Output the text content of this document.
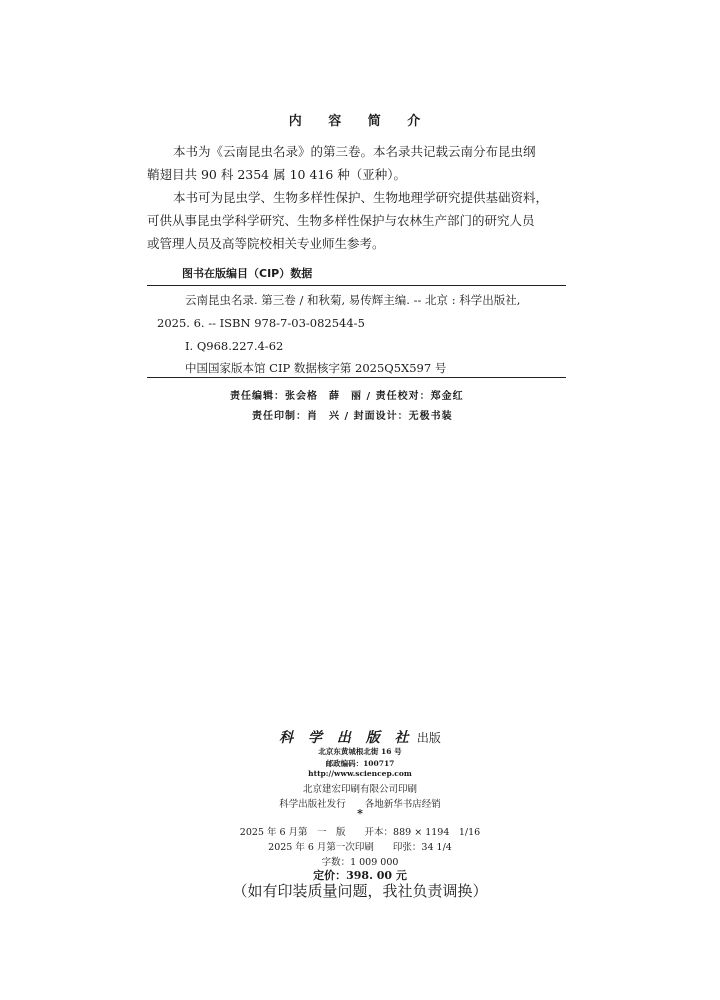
内 容 简 介
本书为《云南昆虫名录》的第三卷。本名录共记载云南分布昆虫纲
鞘翅目共 90 科 2354 属 10 416 种（亚种）。
本书可为昆虫学、生物多样性保护、生物地理学研究提供基础资料，
可供从事昆虫学科学研究、生物多样性保护与农林生产部门的研究人员
或管理人员及高等院校相关专业师生参考。
图书在版编目（CIP）数据
云南昆虫名录. 第三卷 / 和秋菊, 易传辉主编. -- 北京 : 科学出版社,
2025. 6. -- ISBN 978-7-03-082544-5
Ⅰ. Q968.227.4-62
中国国家版本馆 CIP 数据核字第 2025Q5X597 号
责任编辑：张会格　薛　丽 / 责任校对：郑金红
责任印制：肖　兴 / 封面设计：无极书装
科 学 出 版 社 出版
北京东黄城根北街 16 号
邮政编码：100717
http://www.sciencep.com
北京建宏印刷有限公司印刷
科学出版社发行　　各地新华书店经销
*
2025 年 6 月第　一　版　　开本：889 × 1194　1/16
2025 年 6 月第一次印刷　　印张：34 1/4
字数：1 009 000
定价：398. 00 元
（如有印装质量问题，我社负责调换）
